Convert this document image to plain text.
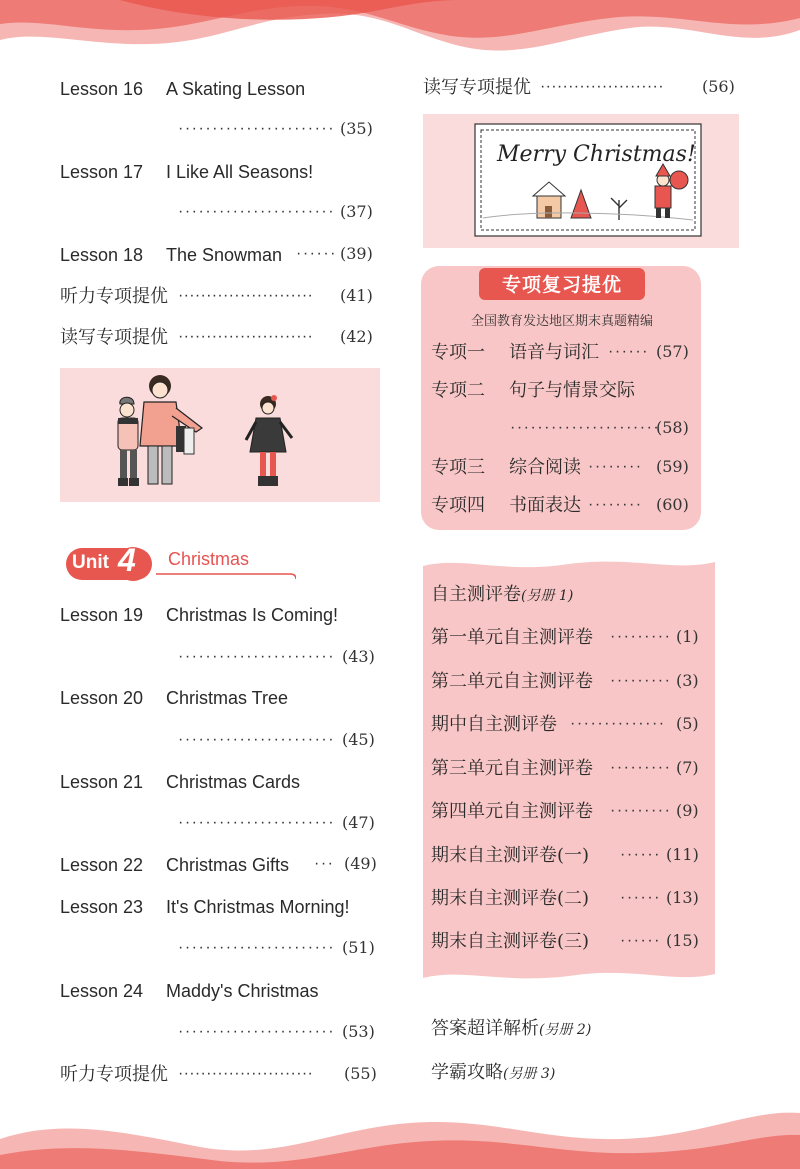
Lesson 16 A Skating Lesson
······················· (35)
Lesson 17 I Like All Seasons!
······················· (37)
Lesson 18 The Snowman ······ (39)
听力专项提优 ························ (41)
读写专项提优 ························ (42)
Unit 4 Christmas
Lesson 19 Christmas Is Coming!
······················· (43)
Lesson 20 Christmas Tree
······················· (45)
Lesson 21 Christmas Cards
······················· (47)
Lesson 22 Christmas Gifts ··· (49)
Lesson 23 It's Christmas Morning!
······················· (51)
Lesson 24 Maddy's Christmas
······················· (53)
听力专项提优 ························ (55)
读写专项提优 ······················ (56)
Merry Christmas!
专项复习提优
全国教育发达地区期末真题精编
专项一 语音与词汇 ······ (57)
专项二 句子与情景交际
······················
(58)
专项三 综合阅读 ········ (59)
专项四 书面表达 ········ (60)
自主测评卷(另册 1)
第一单元自主测评卷 ········· (1)
第二单元自主测评卷 ········· (3)
期中自主测评卷 ·············· (5)
第三单元自主测评卷 ········· (7)
第四单元自主测评卷 ········· (9)
期末自主测评卷(一) ······ (11)
期末自主测评卷(二) ······ (13)
期末自主测评卷(三) ······ (15)
答案超详解析(另册 2)
学霸攻略(另册 3)
